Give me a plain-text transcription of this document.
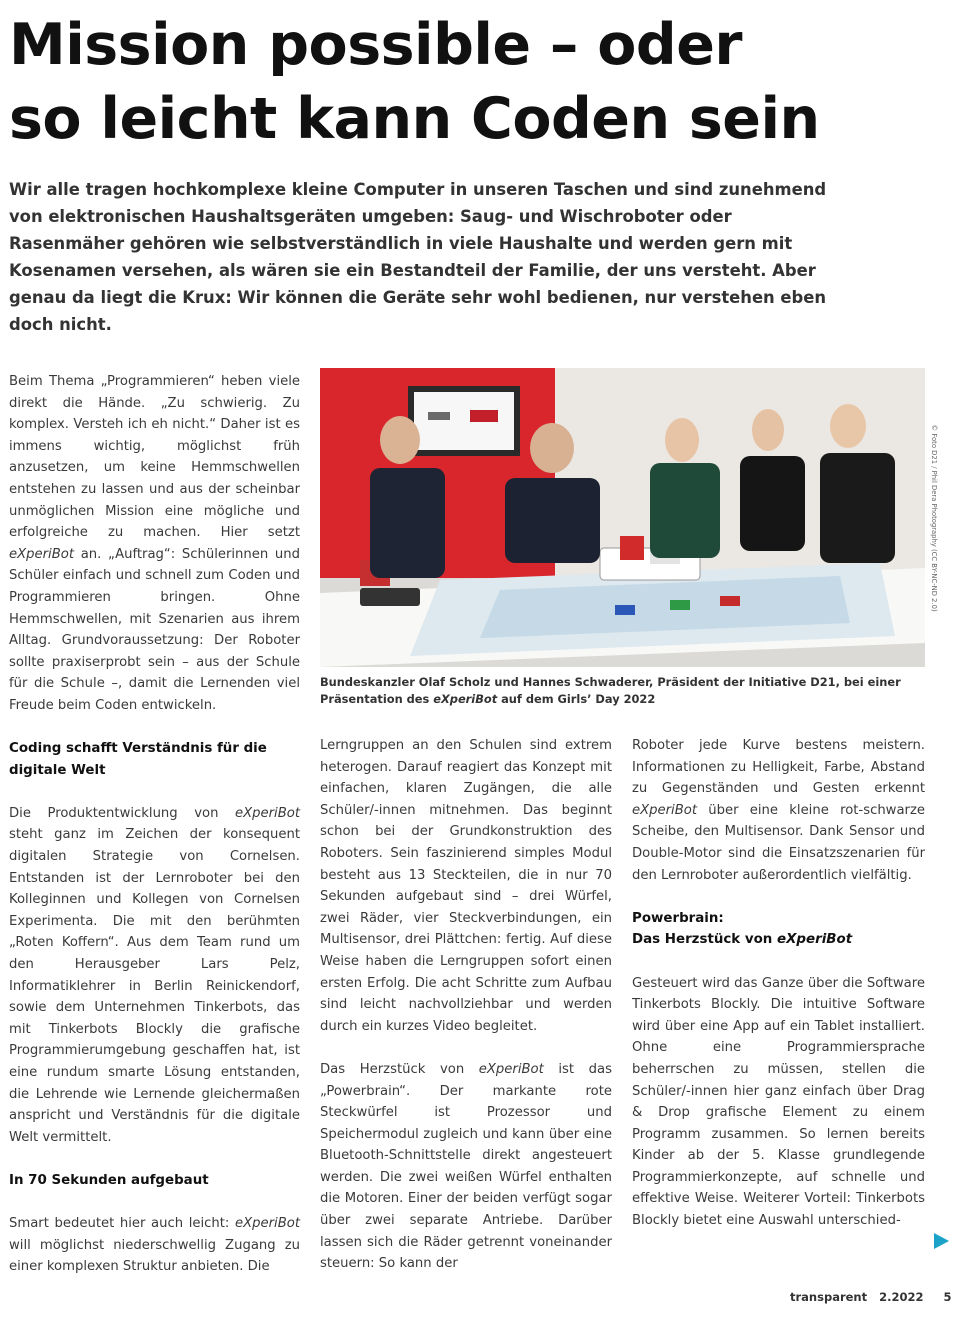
Mission possible – oder
so leicht kann Coden sein

Wir alle tragen hochkomplexe kleine Computer in unseren Taschen und sind zunehmend von elektronischen Haushaltsgeräten umgeben: Saug- und Wischroboter oder Rasenmäher gehören wie selbstverständlich in viele Haushalte und werden gern mit Kosenamen versehen, als wären sie ein Bestandteil der Familie, der uns versteht. Aber genau da liegt die Krux: Wir können die Geräte sehr wohl bedienen, nur verstehen eben doch nicht.

Beim Thema „Programmieren“ heben viele direkt die Hände. „Zu schwierig. Zu komplex. Versteh ich eh nicht.“ Daher ist es immens wichtig, möglichst früh anzusetzen, um keine Hemmschwellen entstehen zu lassen und aus der scheinbar unmöglichen Mission eine mögliche und erfolgreiche zu machen. Hier setzt eXperiBot an. „Auftrag“: Schülerinnen und Schüler einfach und schnell zum Coden und Programmieren bringen. Ohne Hemmschwellen, mit Szenarien aus ihrem Alltag. Grundvoraussetzung: Der Roboter sollte praxiserprobt sein – aus der Schule für die Schule –, damit die Lernenden viel Freude beim Coden entwickeln.

Coding schafft Verständnis für die digitale Welt

Die Produktentwicklung von eXperiBot steht ganz im Zeichen der konsequent digitalen Strategie von Cornelsen. Entstanden ist der Lernroboter bei den Kolleginnen und Kollegen von Cornelsen Experimenta. Die mit den berühmten „Roten Koffern“. Aus dem Team rund um den Herausgeber Lars Pelz, Informatiklehrer in Berlin Reinickendorf, sowie dem Unternehmen Tinkerbots, das mit Tinkerbots Blockly die grafische Programmierumgebung geschaffen hat, ist eine rundum smarte Lösung entstanden, die Lehrende wie Lernende gleichermaßen anspricht und Verständnis für die digitale Welt vermittelt.

In 70 Sekunden aufgebaut

Smart bedeutet hier auch leicht: eXperiBot will möglichst niederschwellig Zugang zu einer komplexen Struktur anbieten. Die

© Foto D21 / Phil Dera Photography (CC BY-NC-ND 2.0)

Bundeskanzler Olaf Scholz und Hannes Schwaderer, Präsident der Initiative D21, bei einer Präsentation des eXperiBot auf dem Girls’ Day 2022

Lerngruppen an den Schulen sind extrem heterogen. Darauf reagiert das Konzept mit einfachen, klaren Zugängen, die alle Schüler/-innen mitnehmen. Das beginnt schon bei der Grundkonstruktion des Roboters. Sein faszinierend simples Modul besteht aus 13 Steckteilen, die in nur 70 Sekunden aufgebaut sind – drei Würfel, zwei Räder, vier Steckverbindungen, ein Multisensor, drei Plättchen: fertig. Auf diese Weise haben die Lerngruppen sofort einen ersten Erfolg. Die acht Schritte zum Aufbau sind leicht nachvollziehbar und werden durch ein kurzes Video begleitet.

Das Herzstück von eXperiBot ist das „Powerbrain“. Der markante rote Steckwürfel ist Prozessor und Speichermodul zugleich und kann über eine Bluetooth-Schnittstelle direkt angesteuert werden. Die zwei weißen Würfel enthalten die Motoren. Einer der beiden verfügt sogar über zwei separate Antriebe. Darüber lassen sich die Räder getrennt voneinander steuern: So kann der

Roboter jede Kurve bestens meistern. Informationen zu Helligkeit, Farbe, Abstand zu Gegenständen und Gesten erkennt eXperiBot über eine kleine rot-schwarze Scheibe, den Multisensor. Dank Sensor und Double-Motor sind die Einsatzszenarien für den Lernroboter außerordentlich vielfältig.

Powerbrain:
Das Herzstück von eXperiBot

Gesteuert wird das Ganze über die Software Tinkerbots Blockly. Die intuitive Software wird über eine App auf ein Tablet installiert. Ohne eine Programmiersprache beherrschen zu müssen, stellen die Schüler/-innen hier ganz einfach über Drag & Drop grafische Element zu einem Programm zusammen. So lernen bereits Kinder ab der 5. Klasse grundlegende Programmierkonzepte, auf schnelle und effektive Weise. Weiterer Vorteil: Tinkerbots Blockly bietet eine Auswahl unterschied-

transparent 2.2022 5
